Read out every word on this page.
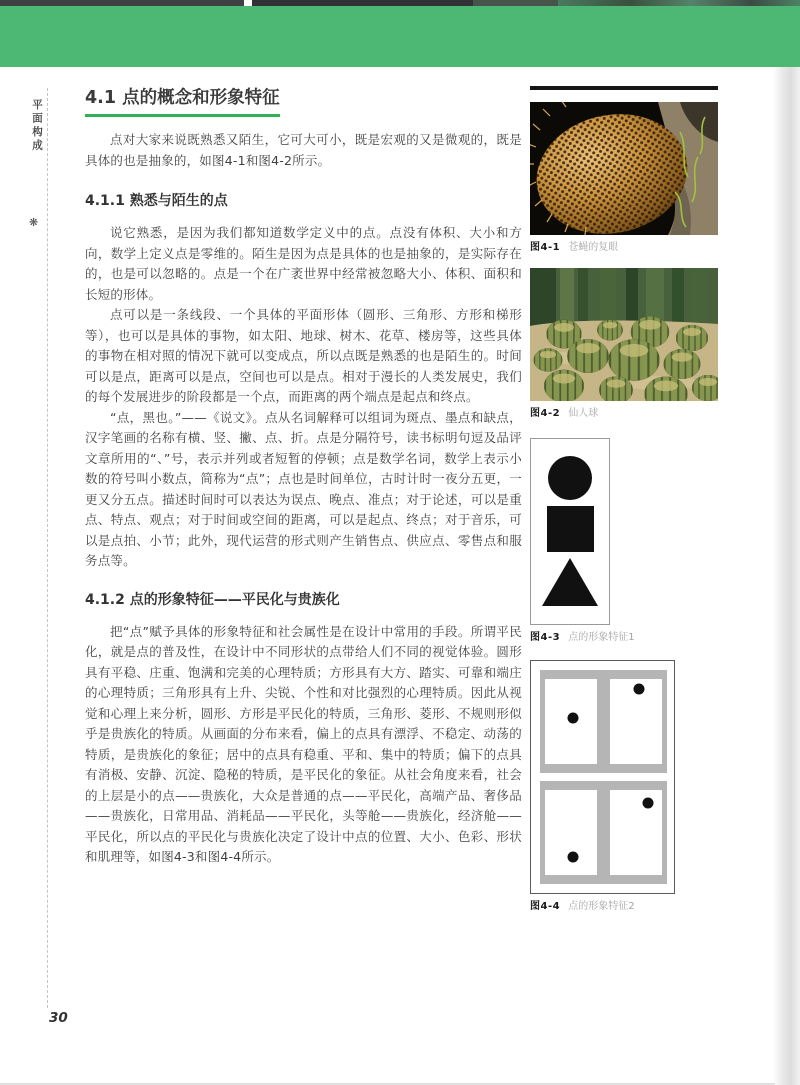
平面构成
❋
4.1 点的概念和形象特征

点对大家来说既熟悉又陌生，它可大可小，既是宏观的又是微观的，既是具体的也是抽象的，如图4-1和图4-2所示。

4.1.1 熟悉与陌生的点

说它熟悉，是因为我们都知道数学定义中的点。点没有体积、大小和方向，数学上定义点是零维的。陌生是因为点是具体的也是抽象的，是实际存在的，也是可以忽略的。点是一个在广袤世界中经常被忽略大小、体积、面积和长短的形体。

点可以是一条线段、一个具体的平面形体（圆形、三角形、方形和梯形等），也可以是具体的事物，如太阳、地球、树木、花草、楼房等，这些具体的事物在相对照的情况下就可以变成点，所以点既是熟悉的也是陌生的。时间可以是点，距离可以是点，空间也可以是点。相对于漫长的人类发展史，我们的每个发展进步的阶段都是一个点，而距离的两个端点是起点和终点。

“点，黑也。”——《说文》。点从名词解释可以组词为斑点、墨点和缺点，汉字笔画的名称有横、竖、撇、点、折。点是分隔符号，读书标明句逗及品评文章所用的“、”号，表示并列或者短暂的停顿；点是数学名词，数学上表示小数的符号叫小数点，简称为“点”；点也是时间单位，古时计时一夜分五更，一更又分五点。描述时间时可以表达为误点、晚点、准点；对于论述，可以是重点、特点、观点；对于时间或空间的距离，可以是起点、终点；对于音乐，可以是点拍、小节；此外，现代运营的形式则产生销售点、供应点、零售点和服务点等。

4.1.2 点的形象特征——平民化与贵族化

把“点”赋予具体的形象特征和社会属性是在设计中常用的手段。所谓平民化，就是点的普及性，在设计中不同形状的点带给人们不同的视觉体验。圆形具有平稳、庄重、饱满和完美的心理特质；方形具有大方、踏实、可靠和端庄的心理特质；三角形具有上升、尖锐、个性和对比强烈的心理特质。因此从视觉和心理上来分析，圆形、方形是平民化的特质，三角形、菱形、不规则形似乎是贵族化的特质。从画面的分布来看，偏上的点具有漂浮、不稳定、动荡的特质，是贵族化的象征；居中的点具有稳重、平和、集中的特质；偏下的点具有消极、安静、沉淀、隐秘的特质，是平民化的象征。从社会角度来看，社会的上层是小的点——贵族化，大众是普通的点——平民化，高端产品、奢侈品——贵族化，日常用品、消耗品——平民化，头等舱——贵族化，经济舱——平民化，所以点的平民化与贵族化决定了设计中点的位置、大小、色彩、形状和肌理等，如图4-3和图4-4所示。

图4-1 苍蝇的复眼
图4-2 仙人球
图4-3 点的形象特征1
图4-4 点的形象特征2
30
